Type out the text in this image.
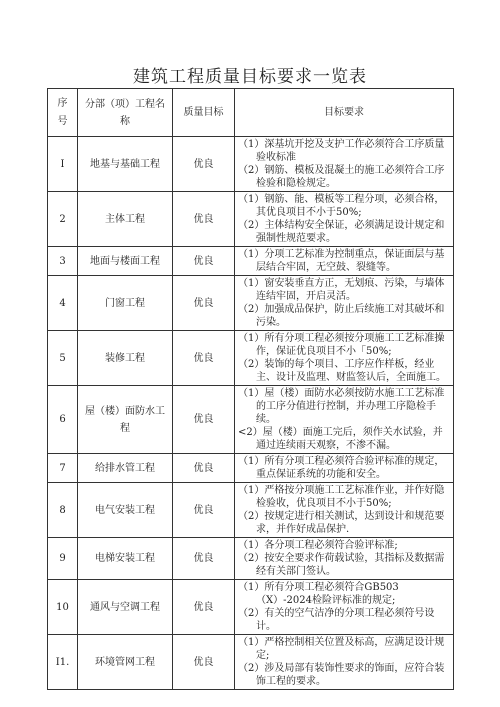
建筑工程质量目标要求一览表
序号	分部（项）工程名称	质量目标	目标要求
I	地基与基础工程	优良	（1）深基坑开挖及支护工作必须符合工序质量验收标准
（2）钢筋、模板及混凝土的施工必须符合工序检验和隐检规定。

2	主体工程	优良	（1）钢筋、能、模板等工程分项，必须合格，其优良项目不小于50%;
（2）主体结构安全保证，必须满足设计规定和强制性规范要求。

3	地面与楼面工程	优良	（1）分项工艺标准为控制重点，保证面层与基层结合牢固，无空鼓、裂缝等。

4	门窗工程	优良	（1）窗安装垂直方正，无划痕、污染，与墙体连结牢固，开启灵活。
（2）加强成品保护，防止后续施工对其破坏和污染。

5	装修工程	优良	（1）所有分项工程必须按分项施工工艺标准操作，保证优良项目不小「50%;
（2）装饰的每个项目、工序应作样板，经业主、设计及监理、财监签认后，全面施工。

6	屋（楼）面防水工程	优良	（1）屋（楼）面防水必须按防水施工工艺标准的工序分值进行控制，并办理工序隐检手续。
<2）屋（楼）面施工完后，须作关水试验，并通过连续雨天观察，不渗不漏。

7	给排水管工程	优良	（1）所有分项工程必须符合验评标准的规定，重点保证系统的功能和安全。

8	电气安装工程	优良	（1）严格按分项施工工艺标准作业，并作好隐检验收，优良项目不小于50%;
（2）按规定进行相关测试，达到设计和规范要求，并作好成品保护.

9	电梯安装工程	优良	（1）各分项工程必须符合验评标准;
（2）按安全要求作荷载试验，其指标及数据需经有关部门签认。

10	通风与空调工程	优良	（1）所有分项工程必须符合GB503（X）-2024检险评标准的规定;
（2）有关的空气洁净的分项工程必须符号设计。

I1.	环境管网工程	优良	（1）严格控制相关位置及标高，应满足设计规定;
（2）涉及局部有装饰性要求的饰面，应符合装饰工程的要求。
